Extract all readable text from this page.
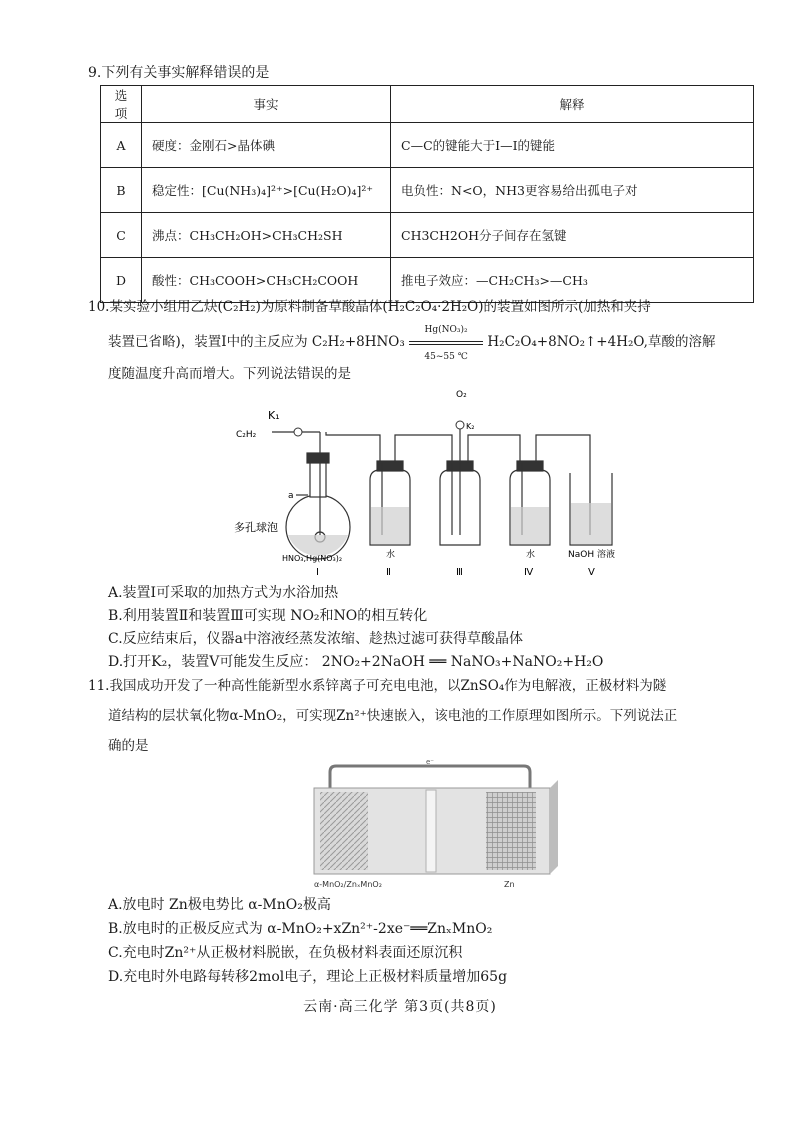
9.下列有关事实解释错误的是
选项	事实	解释
A	硬度：金刚石>晶体碘	C—C的键能大于I—I的键能
B	稳定性：[Cu(NH₃)₄]²⁺>[Cu(H₂O)₄]²⁺	电负性：N<O，NH3更容易给出孤电子对
C	沸点：CH₃CH₂OH>CH₃CH₂SH	CH3CH2OH分子间存在氢键
D	酸性：CH₃COOH>CH₃CH₂COOH	推电子效应：—CH₂CH₃>—CH₃
10.某实验小组用乙炔(C₂H₂)为原料制备草酸晶体(H₂C₂O₄·2H₂O)的装置如图所示(加热和夹持
装置已省略)，装置Ⅰ中的主反应为 $C_2H_2+8HNO_3 \frac{\text{Hg(NO₃)₂}}{45\sim 55 ℃}$ H₂C₂O₄+8NO₂↑+4H₂O,草酸的溶解
度随温度升高而增大。下列说法错误的是
O₂
K₂
K₁
C₂H₂
a
多孔球泡
HNO₃,Hg(NO₃)₂	水	水	NaOH 溶液
Ⅰ	Ⅱ	Ⅲ	Ⅳ	Ⅴ
A.装置Ⅰ可采取的加热方式为水浴加热
B.利用装置Ⅱ和装置Ⅲ可实现 NO₂和NO的相互转化
C.反应结束后，仪器a中溶液经蒸发浓缩、趁热过滤可获得草酸晶体
D.打开K₂，装置Ⅴ可能发生反应： 2NO₂+2NaOH ══ NaNO₃+NaNO₂+H₂O
11.我国成功开发了一种高性能新型水系锌离子可充电电池，以ZnSO₄作为电解液，正极材料为隧
道结构的层状氧化物α-MnO₂，可实现Zn²⁺快速嵌入，该电池的工作原理如图所示。下列说法正
确的是
e⁻
α-MnO₂/ZnₓMnO₂	Zn
A.放电时 Zn极电势比 α-MnO₂极高
B.放电时的正极反应式为 α-MnO₂+xZn²⁺-2xe⁻══ZnₓMnO₂
C.充电时Zn²⁺从正极材料脱嵌，在负极材料表面还原沉积
D.充电时外电路每转移2mol电子，理论上正极材料质量增加65g
云南·高三化学 第3页(共8页)
